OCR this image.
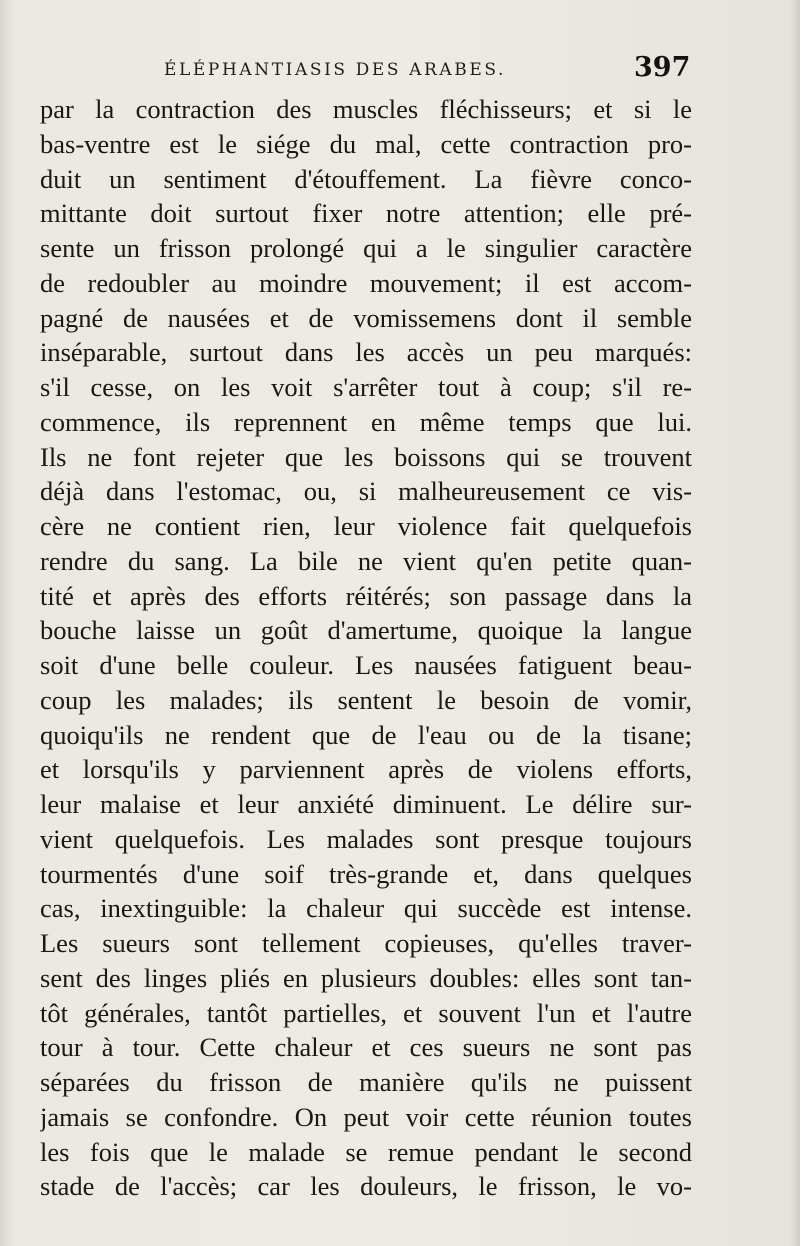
ÉLÉPHANTIASIS DES ARABES.	397
par la contraction des muscles fléchisseurs; et si le
bas-ventre est le siége du mal, cette contraction pro-
duit un sentiment d'étouffement. La fièvre conco-
mittante doit surtout fixer notre attention; elle pré-
sente un frisson prolongé qui a le singulier caractère
de redoubler au moindre mouvement; il est accom-
pagné de nausées et de vomissemens dont il semble
inséparable, surtout dans les accès un peu marqués:
s'il cesse, on les voit s'arrêter tout à coup; s'il re-
commence, ils reprennent en même temps que lui.
Ils ne font rejeter que les boissons qui se trouvent
déjà dans l'estomac, ou, si malheureusement ce vis-
cère ne contient rien, leur violence fait quelquefois
rendre du sang. La bile ne vient qu'en petite quan-
tité et après des efforts réitérés; son passage dans la
bouche laisse un goût d'amertume, quoique la langue
soit d'une belle couleur. Les nausées fatiguent beau-
coup les malades; ils sentent le besoin de vomir,
quoiqu'ils ne rendent que de l'eau ou de la tisane;
et lorsqu'ils y parviennent après de violens efforts,
leur malaise et leur anxiété diminuent. Le délire sur-
vient quelquefois. Les malades sont presque toujours
tourmentés d'une soif très-grande et, dans quelques
cas, inextinguible: la chaleur qui succède est intense.
Les sueurs sont tellement copieuses, qu'elles traver-
sent des linges pliés en plusieurs doubles: elles sont tan-
tôt générales, tantôt partielles, et souvent l'un et l'autre
tour à tour. Cette chaleur et ces sueurs ne sont pas
séparées du frisson de manière qu'ils ne puissent
jamais se confondre. On peut voir cette réunion toutes
les fois que le malade se remue pendant le second
stade de l'accès; car les douleurs, le frisson, le vo-
